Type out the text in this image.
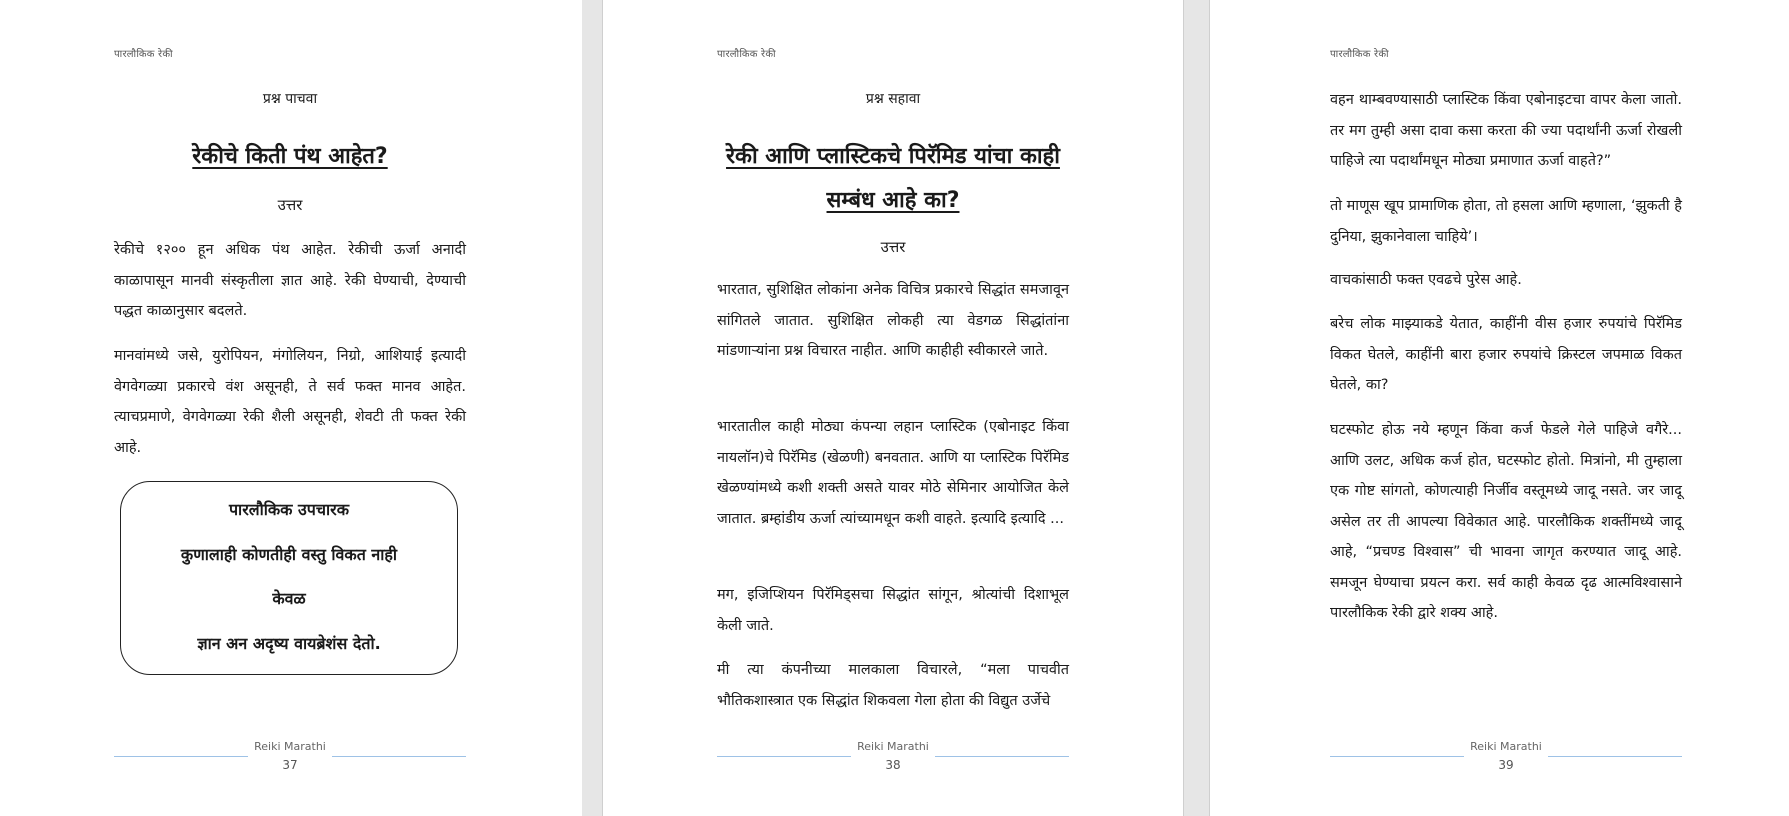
पारलौकिक रेकी
प्रश्न पाचवा
रेकीचे किती पंथ आहेत?
उत्तर

रेकीचे १२०० हून अधिक पंथ आहेत. रेकीची ऊर्जा अनादी काळापासून मानवी संस्कृतीला ज्ञात आहे. रेकी घेण्याची, देण्याची पद्धत काळानुसार बदलते.

मानवांमध्ये जसे, युरोपियन, मंगोलियन, निग्रो, आशियाई इत्यादी वेगवेगळ्या प्रकारचे वंश असूनही, ते सर्व फक्त मानव आहेत. त्याचप्रमाणे, वेगवेगळ्या रेकी शैली असूनही, शेवटी ती फक्त रेकी आहे.

पारलौकिक उपचारक
कुणालाही कोणतीही वस्तु विकत नाही
केवळ
ज्ञान अन अदृष्य वायब्रेशंस देतो.
Reiki Marathi
37
पारलौकिक रेकी
प्रश्न सहावा
रेकी आणि प्लास्टिकचे पिरॅमिड यांचा काही
सम्बंध आहे का?
उत्तर

भारतात, सुशिक्षित लोकांना अनेक विचित्र प्रकारचे सिद्धांत समजावून सांगितले जातात. सुशिक्षित लोकही त्या वेडगळ सिद्धांतांना मांडणाऱ्यांना प्रश्न विचारत नाहीत. आणि काहीही स्वीकारले जाते.

भारतातील काही मोठ्या कंपन्या लहान प्लास्टिक (एबोनाइट किंवा नायलॉन)चे पिरॅमिड (खेळणी) बनवतात. आणि या प्लास्टिक पिरॅमिड खेळण्यांमध्ये कशी शक्ती असते यावर मोठे सेमिनार आयोजित केले जातात. ब्रम्हांडीय ऊर्जा त्यांच्यामधून कशी वाहते. इत्यादि इत्यादि ...

मग, इजिप्शियन पिरॅमिड्सचा सिद्धांत सांगून, श्रोत्यांची दिशाभूल केली जाते.

मी त्या कंपनीच्या मालकाला विचारले, “मला पाचवीत भौतिकशास्त्रात एक सिद्धांत शिकवला गेला होता की विद्युत उर्जेचे

Reiki Marathi
38
पारलौकिक रेकी

वहन थाम्बवण्यासाठी प्लास्टिक किंवा एबोनाइटचा वापर केला जातो. तर मग तुम्ही असा दावा कसा करता की ज्या पदार्थांनी ऊर्जा रोखली पाहिजे त्या पदार्थांमधून मोठ्या प्रमाणात ऊर्जा वाहते?”

तो माणूस खूप प्रामाणिक होता, तो हसला आणि म्हणाला, ‘झुकती है दुनिया, झुकानेवाला चाहिये’।

वाचकांसाठी फक्त एवढचे पुरेस आहे.

बरेच लोक माझ्याकडे येतात, काहींनी वीस हजार रुपयांचे पिरॅमिड विकत घेतले, काहींनी बारा हजार रुपयांचे क्रिस्टल जपमाळ विकत घेतले, का?

घटस्फोट होऊ नये म्हणून किंवा कर्ज फेडले गेले पाहिजे वगैरे... आणि उलट, अधिक कर्ज होत, घटस्फोट होतो. मित्रांनो, मी तुम्हाला एक गोष्ट सांगतो, कोणत्याही निर्जीव वस्तूमध्ये जादू नसते. जर जादू असेल तर ती आपल्या विवेकात आहे. पारलौकिक शक्तींमध्ये जादू आहे, “प्रचण्ड विश्वास” ची भावना जागृत करण्यात जादू आहे. समजून घेण्याचा प्रयत्न करा. सर्व काही केवळ दृढ आत्मविश्वासाने पारलौकिक रेकी द्वारे शक्य आहे.

Reiki Marathi
39
